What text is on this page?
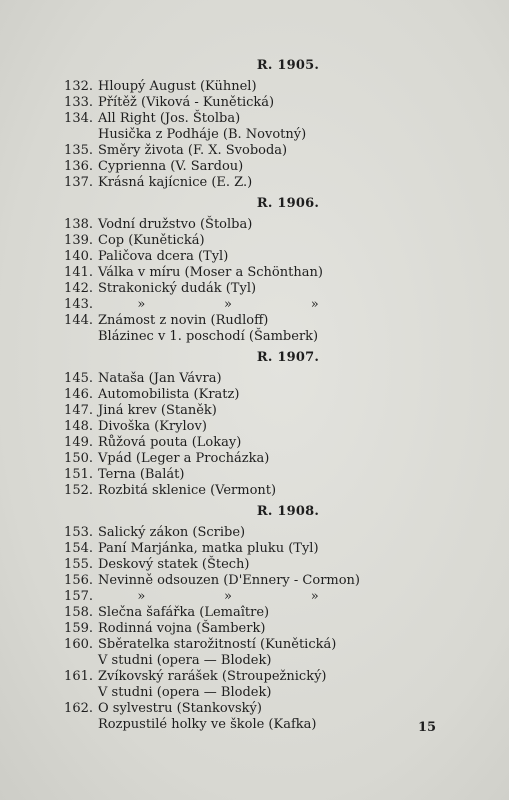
R. 1905.
132. Hloupý August (Kühnel)
133. Přítěž (Viková - Kunětická)
134. All Right (Jos. Štolba)
Husička z Podháje (B. Novotný)
135. Směry života (F. X. Svoboda)
136. Cyprienna (V. Sardou)
137. Krásná kajícnice (E. Z.)
R. 1906.
138. Vodní družstvo (Štolba)
139. Cop (Kunětická)
140. Paličova dcera (Tyl)
141. Válka v míru (Moser a Schönthan)
142. Strakonický dudák (Tyl)
143.	»	»	»
144. Známost z novin (Rudloff)
Blázinec v 1. poschodí (Šamberk)
R. 1907.
145. Nataša (Jan Vávra)
146. Automobilista (Kratz)
147. Jiná krev (Staněk)
148. Divoška (Krylov)
149. Růžová pouta (Lokay)
150. Vpád (Leger a Procházka)
151. Terna (Balát)
152. Rozbitá sklenice (Vermont)
R. 1908.
153. Salický zákon (Scribe)
154. Paní Marjánka, matka pluku (Tyl)
155. Deskový statek (Štech)
156. Nevinně odsouzen (D'Ennery - Cormon)
157.	»	»	»
158. Slečna šafářka (Lemaître)
159. Rodinná vojna (Šamberk)
160. Sběratelka starožitností (Kunětická)
V studni (opera — Blodek)
161. Zvíkovský rarášek (Stroupežnický)
V studni (opera — Blodek)
162. O sylvestru (Stankovský)
Rozpustilé holky ve škole (Kafka)	15
